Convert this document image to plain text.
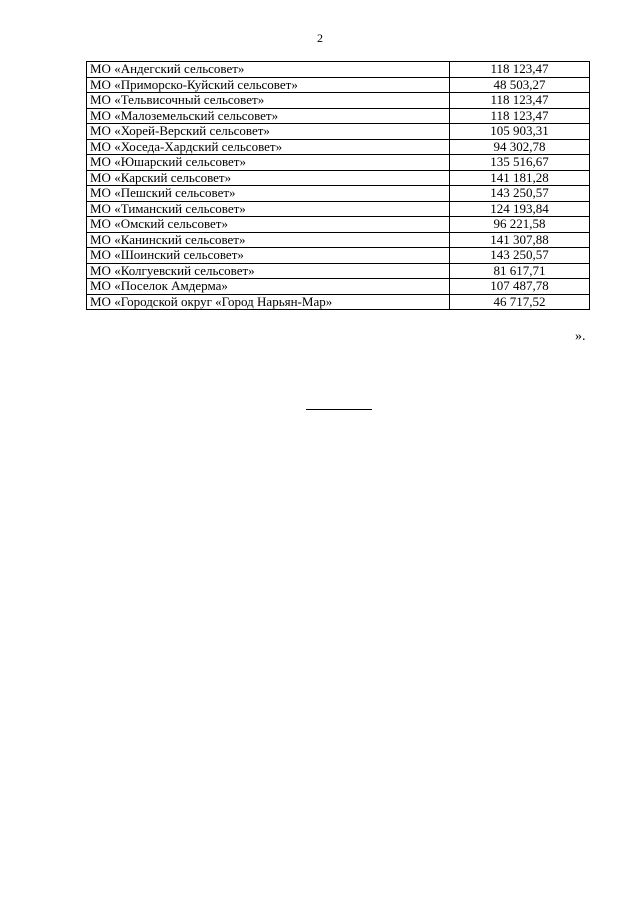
2
МО «Андегский сельсовет»	118 123,47
МО «Приморско-Куйский сельсовет»	48 503,27
МО «Тельвисочный сельсовет»	118 123,47
МО «Малоземельский сельсовет»	118 123,47
МО «Хорей-Верский сельсовет»	105 903,31
МО «Хоседа-Хардский сельсовет»	94 302,78
МО «Юшарский сельсовет»	135 516,67
МО «Карский сельсовет»	141 181,28
МО «Пешский сельсовет»	143 250,57
МО «Тиманский сельсовет»	124 193,84
МО «Омский сельсовет»	96 221,58
МО «Канинский сельсовет»	141 307,88
МО «Шоинский сельсовет»	143 250,57
МО «Колгуевский сельсовет»	81 617,71
МО «Поселок Амдерма»	107 487,78
МО «Городской округ «Город Нарьян-Мар»	46 717,52
».
